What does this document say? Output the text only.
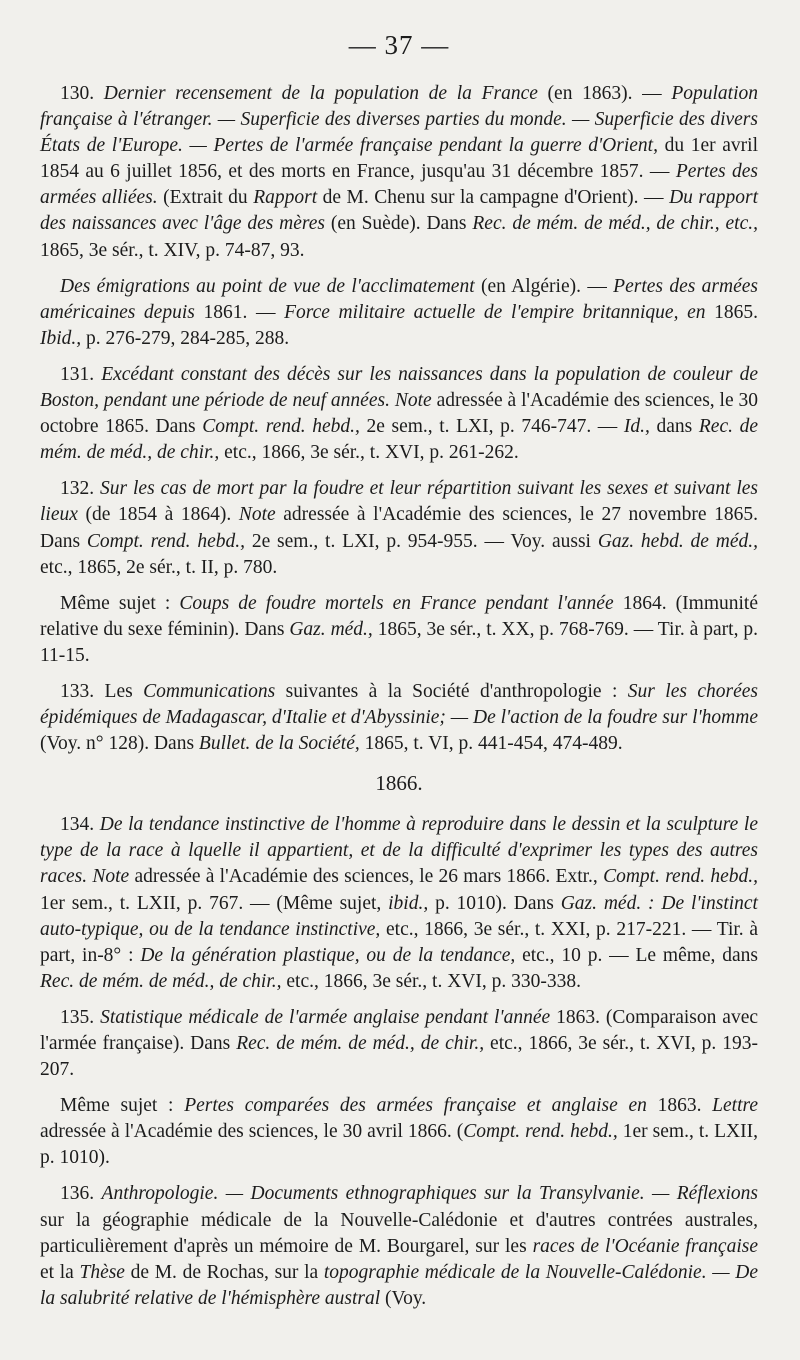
— 37 —

130. Dernier recensement de la population de la France (en 1863). — Population française à l'étranger. — Superficie des diverses parties du monde. — Superficie des divers États de l'Europe. — Pertes de l'armée française pendant la guerre d'Orient, du 1er avril 1854 au 6 juillet 1856, et des morts en France, jusqu'au 31 décembre 1857. — Pertes des armées alliées. (Extrait du Rapport de M. Chenu sur la campagne d'Orient). — Du rapport des naissances avec l'âge des mères (en Suède). Dans Rec. de mém. de méd., de chir., etc., 1865, 3e sér., t. XIV, p. 74-87, 93.

Des émigrations au point de vue de l'acclimatement (en Algérie). — Pertes des armées américaines depuis 1861. — Force militaire actuelle de l'empire britannique, en 1865. Ibid., p. 276-279, 284-285, 288.

131. Excédant constant des décès sur les naissances dans la population de couleur de Boston, pendant une période de neuf années. Note adressée à l'Académie des sciences, le 30 octobre 1865. Dans Compt. rend. hebd., 2e sem., t. LXI, p. 746-747. — Id., dans Rec. de mém. de méd., de chir., etc., 1866, 3e sér., t. XVI, p. 261-262.

132. Sur les cas de mort par la foudre et leur répartition suivant les sexes et suivant les lieux (de 1854 à 1864). Note adressée à l'Académie des sciences, le 27 novembre 1865. Dans Compt. rend. hebd., 2e sem., t. LXI, p. 954-955. — Voy. aussi Gaz. hebd. de méd., etc., 1865, 2e sér., t. II, p. 780.

Même sujet : Coups de foudre mortels en France pendant l'année 1864. (Immunité relative du sexe féminin). Dans Gaz. méd., 1865, 3e sér., t. XX, p. 768-769. — Tir. à part, p. 11-15.

133. Les Communications suivantes à la Société d'anthropologie : Sur les chorées épidémiques de Madagascar, d'Italie et d'Abyssinie; — De l'action de la foudre sur l'homme (Voy. n° 128). Dans Bullet. de la Société, 1865, t. VI, p. 441-454, 474-489.

1866.

134. De la tendance instinctive de l'homme à reproduire dans le dessin et la sculpture le type de la race à lquelle il appartient, et de la difficulté d'exprimer les types des autres races. Note adressée à l'Académie des sciences, le 26 mars 1866. Extr., Compt. rend. hebd., 1er sem., t. LXII, p. 767. — (Même sujet, ibid., p. 1010). Dans Gaz. méd. : De l'instinct auto-typique, ou de la tendance instinctive, etc., 1866, 3e sér., t. XXI, p. 217-221. — Tir. à part, in-8° : De la génération plastique, ou de la tendance, etc., 10 p. — Le même, dans Rec. de mém. de méd., de chir., etc., 1866, 3e sér., t. XVI, p. 330-338.

135. Statistique médicale de l'armée anglaise pendant l'année 1863. (Comparaison avec l'armée française). Dans Rec. de mém. de méd., de chir., etc., 1866, 3e sér., t. XVI, p. 193-207.

Même sujet : Pertes comparées des armées française et anglaise en 1863. Lettre adressée à l'Académie des sciences, le 30 avril 1866. (Compt. rend. hebd., 1er sem., t. LXII, p. 1010).

136. Anthropologie. — Documents ethnographiques sur la Transylvanie. — Réflexions sur la géographie médicale de la Nouvelle-Calédonie et d'autres contrées australes, particulièrement d'après un mémoire de M. Bourgarel, sur les races de l'Océanie française et la Thèse de M. de Rochas, sur la topographie médicale de la Nouvelle-Calédonie. — De la salubrité relative de l'hémisphère austral (Voy.
